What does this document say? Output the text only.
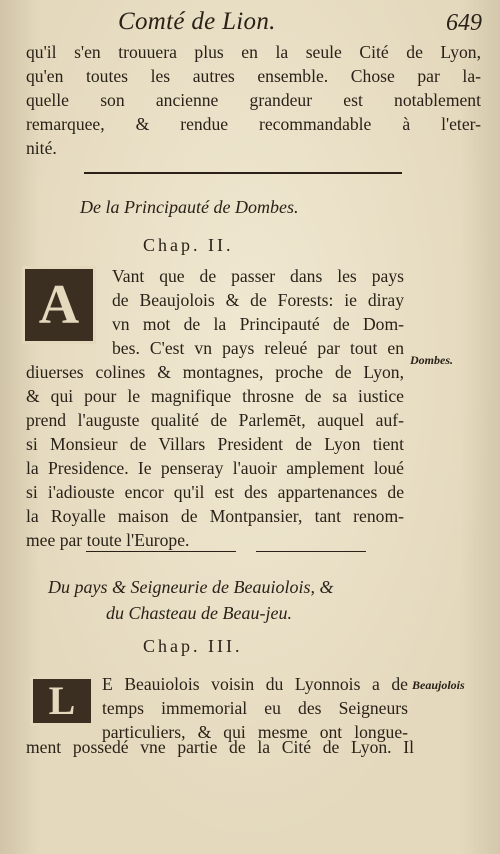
Comté de Lion.	649
qu'il s'en trouuera plus en la seule Cité de Lyon,
qu'en toutes les autres ensemble. Chose par la-
quelle son ancienne grandeur est notablement
remarquee, & rendue recommandable à l'eter-
nité.
De la Principauté de Dombes.
Chap. II.
A	Vant que de passer dans les pays
de Beaujolois & de Forests: ie diray
vn mot de la Principauté de Dom-
bes. C'est vn pays releué par tout en
diuerses colines & montagnes, proche de Lyon,
& qui pour le magnifique throsne de sa iustice
prend l'auguste qualité de Parlemēt, auquel auf-
si Monsieur de Villars President de Lyon tient
la Presidence. Ie penseray l'auoir amplement loué
si i'adiouste encor qu'il est des appartenances de
la Royalle maison de Montpansier, tant renom-
mee par toute l'Europe.
Dombes.
Du pays & Seigneurie de Beauiolois, &
du Chasteau de Beau-jeu.
Chap. III.
L	E Beauiolois voisin du Lyonnois a de
temps immemorial eu des Seigneurs
particuliers, & qui mesme ont longue-
ment possedé vne partie de la Cité de Lyon. Il
Beaujolois
